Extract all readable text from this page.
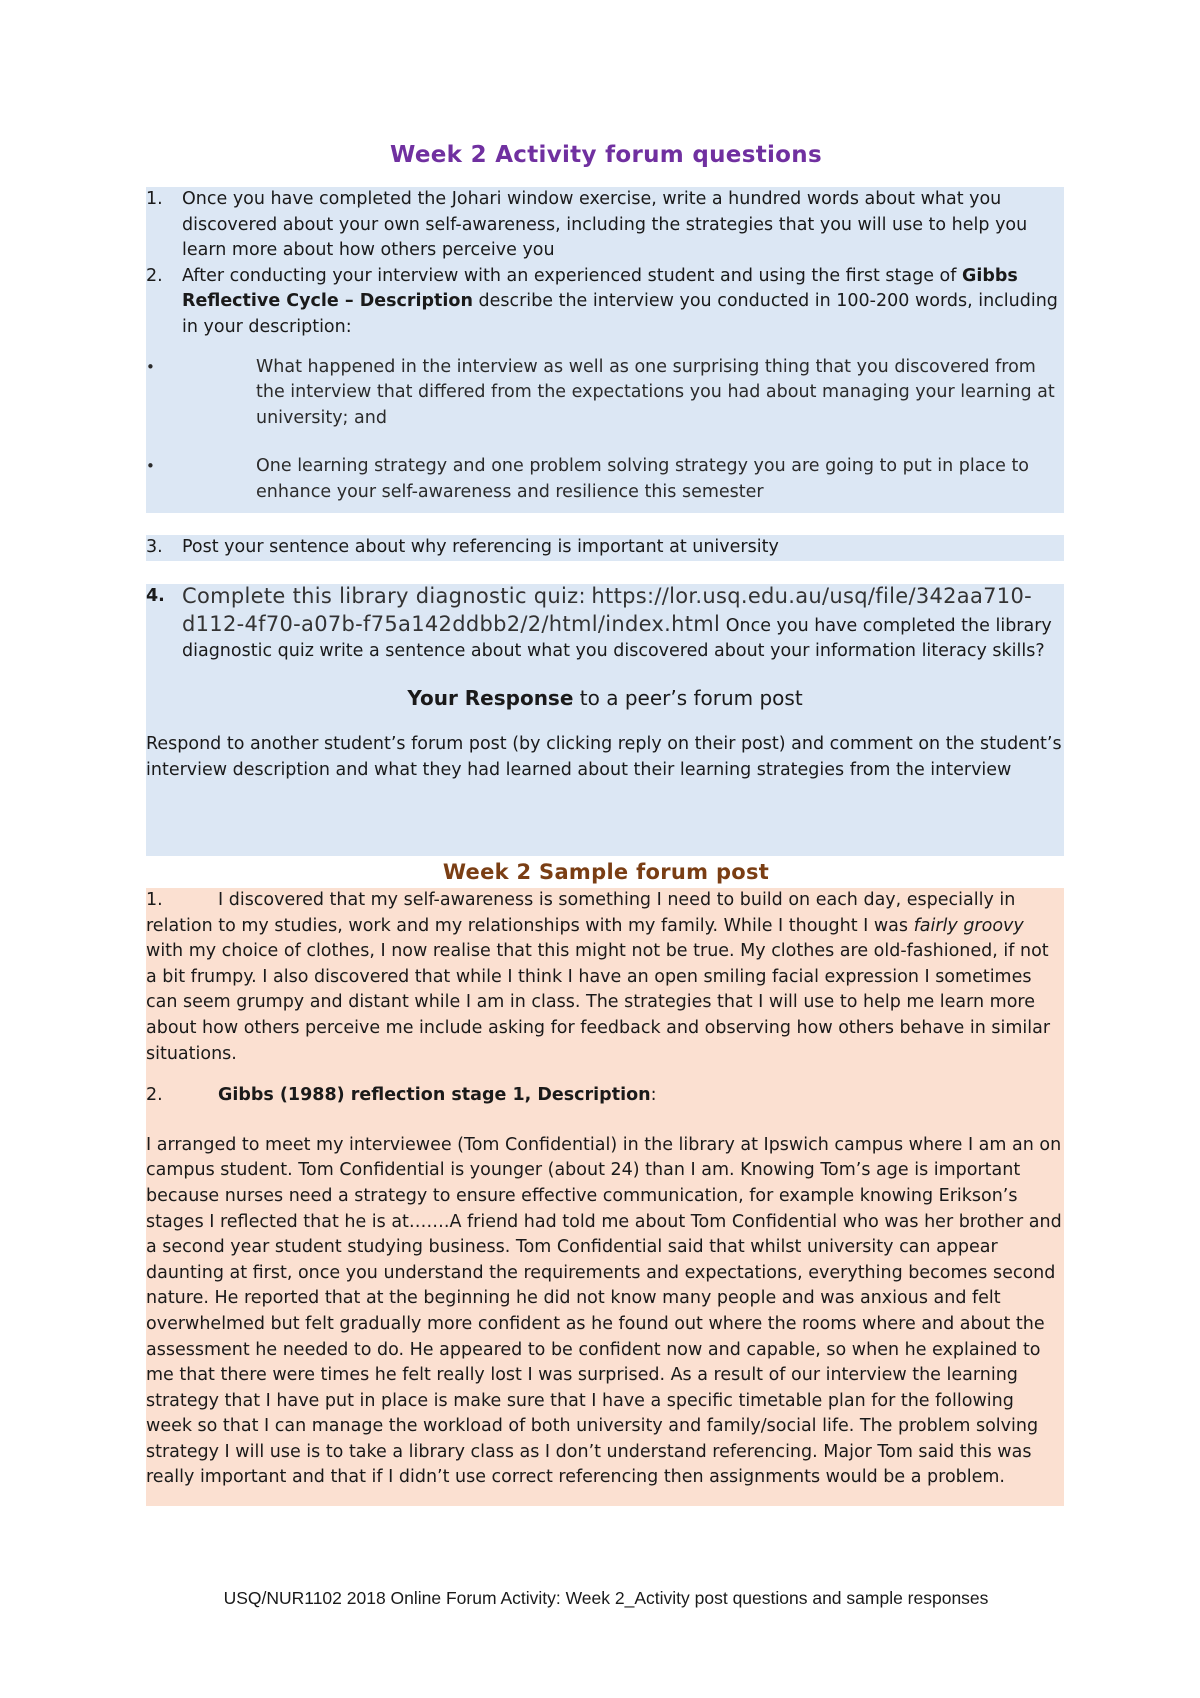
Week 2 Activity forum questions
1. Once you have completed the Johari window exercise, write a hundred words about what you discovered about your own self-awareness, including the strategies that you will use to help you learn more about how others perceive you
2. After conducting your interview with an experienced student and using the first stage of Gibbs Reflective Cycle – Description describe the interview you conducted in 100-200 words, including in your description:
•	What happened in the interview as well as one surprising thing that you discovered from the interview that differed from the expectations you had about managing your learning at university; and
•	One learning strategy and one problem solving strategy you are going to put in place to enhance your self-awareness and resilience this semester
3. Post your sentence about why referencing is important at university
4. Complete this library diagnostic quiz: https://lor.usq.edu.au/usq/file/342aa710-d112-4f70-a07b-f75a142ddbb2/2/html/index.html Once you have completed the library diagnostic quiz write a sentence about what you discovered about your information literacy skills?
Your Response to a peer’s forum post
Respond to another student’s forum post (by clicking reply on their post) and comment on the student’s interview description and what they had learned about their learning strategies from the interview
Week 2 Sample forum post

1.	I discovered that my self-awareness is something I need to build on each day, especially in relation to my studies, work and my relationships with my family. While I thought I was fairly groovy with my choice of clothes, I now realise that this might not be true. My clothes are old-fashioned, if not a bit frumpy. I also discovered that while I think I have an open smiling facial expression I sometimes can seem grumpy and distant while I am in class. The strategies that I will use to help me learn more about how others perceive me include asking for feedback and observing how others behave in similar situations.

2.	Gibbs (1988) reflection stage 1, Description:

I arranged to meet my interviewee (Tom Confidential) in the library at Ipswich campus where I am an on campus student. Tom Confidential is younger (about 24) than I am. Knowing Tom’s age is important because nurses need a strategy to ensure effective communication, for example knowing Erikson’s stages I reflected that he is at…….A friend had told me about Tom Confidential who was her brother and a second year student studying business. Tom Confidential said that whilst university can appear daunting at first, once you understand the requirements and expectations, everything becomes second nature. He reported that at the beginning he did not know many people and was anxious and felt overwhelmed but felt gradually more confident as he found out where the rooms where and about the assessment he needed to do. He appeared to be confident now and capable, so when he explained to me that there were times he felt really lost I was surprised. As a result of our interview the learning strategy that I have put in place is make sure that I have a specific timetable plan for the following week so that I can manage the workload of both university and family/social life. The problem solving strategy I will use is to take a library class as I don’t understand referencing. Major Tom said this was really important and that if I didn’t use correct referencing then assignments would be a problem.

USQ/NUR1102 2018 Online Forum Activity: Week 2_Activity post questions and sample responses
